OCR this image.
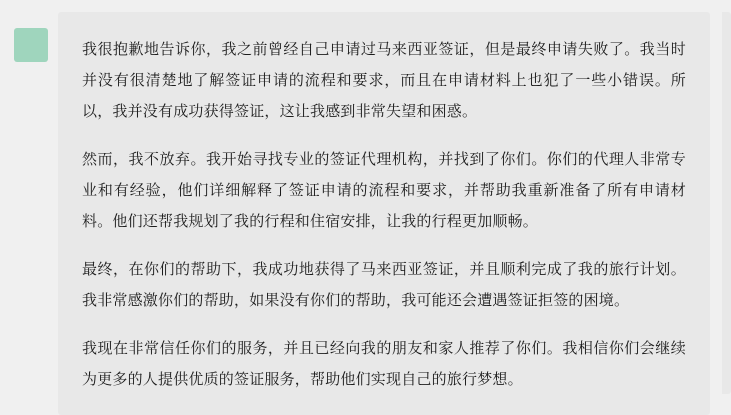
我很抱歉地告诉你，我之前曾经自己申请过马来西亚签证，但是最终申请失败了。我当时并没有很清楚地了解签证申请的流程和要求，而且在申请材料上也犯了一些小错误。所以，我并没有成功获得签证，这让我感到非常失望和困惑。

然而，我不放弃。我开始寻找专业的签证代理机构，并找到了你们。你们的代理人非常专业和有经验，他们详细解释了签证申请的流程和要求，并帮助我重新准备了所有申请材料。他们还帮我规划了我的行程和住宿安排，让我的行程更加顺畅。

最终，在你们的帮助下，我成功地获得了马来西亚签证，并且顺利完成了我的旅行计划。我非常感激你们的帮助，如果没有你们的帮助，我可能还会遭遇签证拒签的困境。

我现在非常信任你们的服务，并且已经向我的朋友和家人推荐了你们。我相信你们会继续为更多的人提供优质的签证服务，帮助他们实现自己的旅行梦想。
